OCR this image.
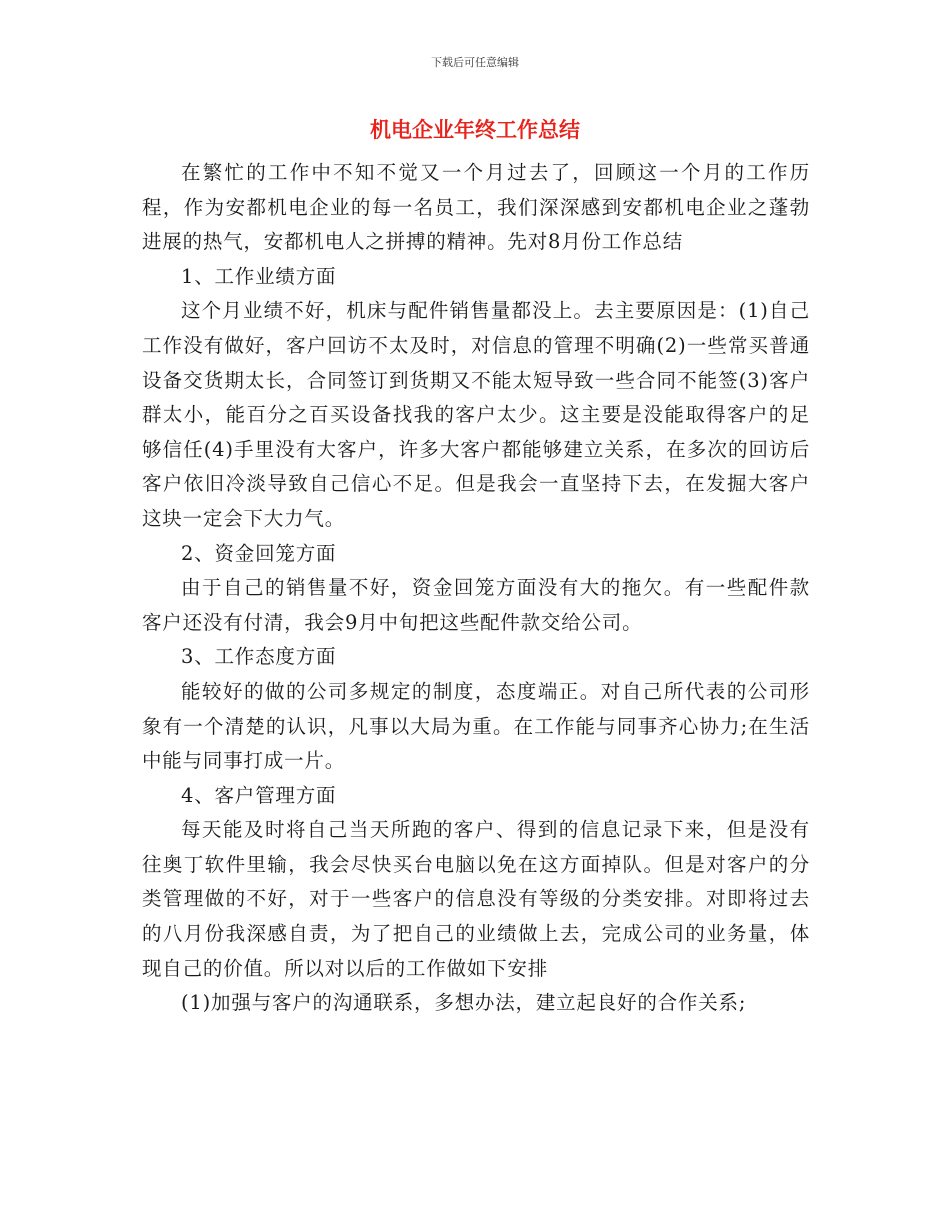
下载后可任意编辑
机电企业年终工作总结

在繁忙的工作中不知不觉又一个月过去了，回顾这一个月的工作历程，作为安都机电企业的每一名员工，我们深深感到安都机电企业之蓬勃进展的热气，安都机电人之拼搏的精神。先对8月份工作总结

1、工作业绩方面

这个月业绩不好，机床与配件销售量都没上。去主要原因是：(1)自己工作没有做好，客户回访不太及时，对信息的管理不明确(2)一些常买普通设备交货期太长，合同签订到货期又不能太短导致一些合同不能签(3)客户群太小，能百分之百买设备找我的客户太少。这主要是没能取得客户的足够信任(4)手里没有大客户，许多大客户都能够建立关系，在多次的回访后客户依旧冷淡导致自己信心不足。但是我会一直坚持下去，在发掘大客户这块一定会下大力气。

2、资金回笼方面

由于自己的销售量不好，资金回笼方面没有大的拖欠。有一些配件款客户还没有付清，我会9月中旬把这些配件款交给公司。

3、工作态度方面

能较好的做的公司多规定的制度，态度端正。对自己所代表的公司形象有一个清楚的认识，凡事以大局为重。在工作能与同事齐心协力;在生活中能与同事打成一片。

4、客户管理方面

每天能及时将自己当天所跑的客户、得到的信息记录下来，但是没有往奥丁软件里输，我会尽快买台电脑以免在这方面掉队。但是对客户的分类管理做的不好，对于一些客户的信息没有等级的分类安排。对即将过去的八月份我深感自责，为了把自己的业绩做上去，完成公司的业务量，体现自己的价值。所以对以后的工作做如下安排

(1)加强与客户的沟通联系，多想办法，建立起良好的合作关系;
